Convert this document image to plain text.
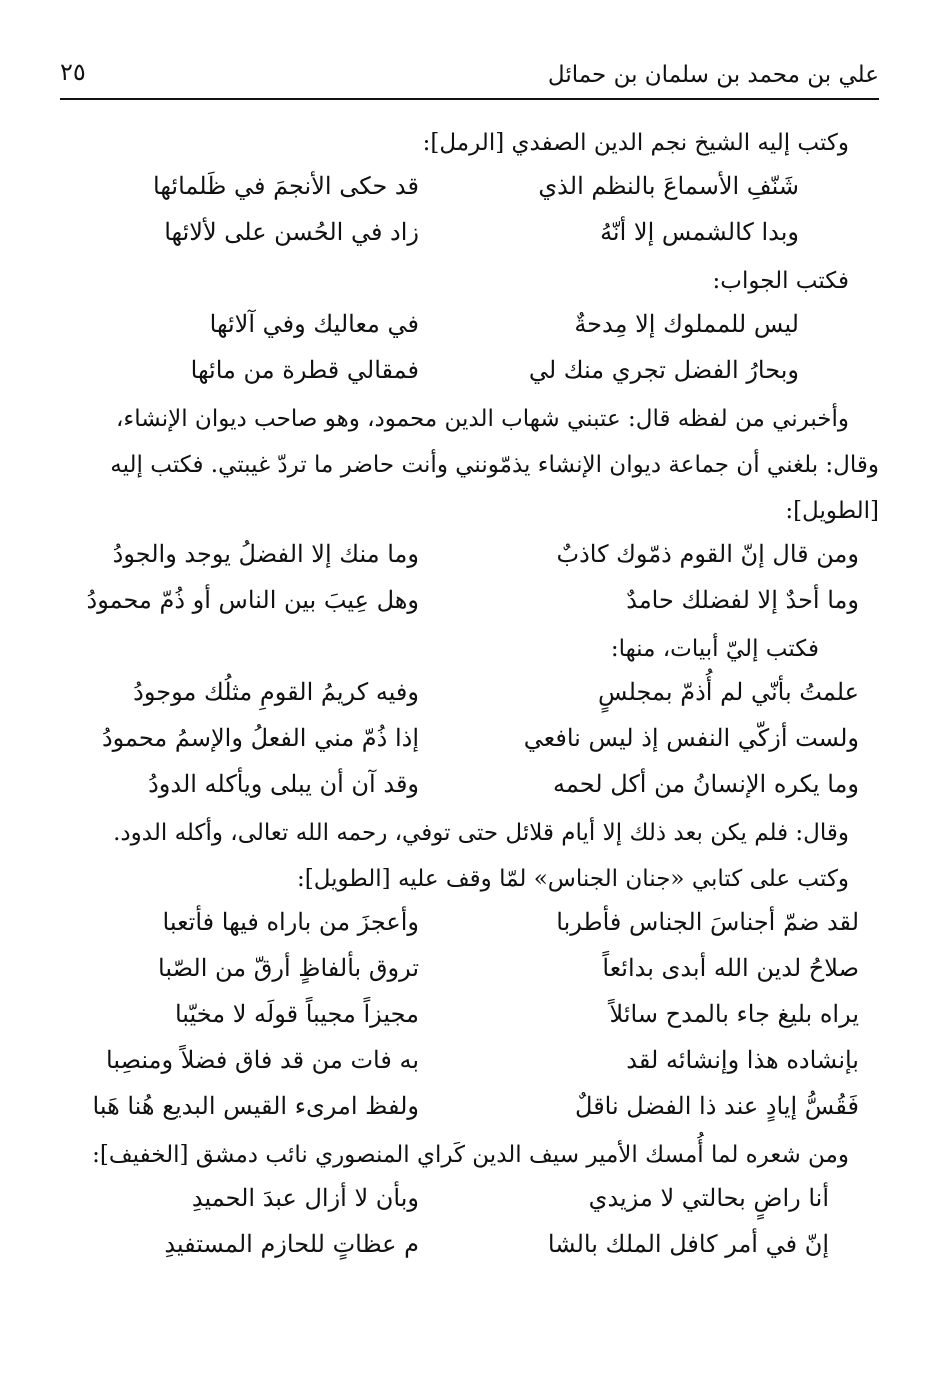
علي بن محمد بن سلمان بن حمائل
٢٥

وكتب إليه الشيخ نجم الدين الصفدي [الرمل]:

شَنّفِ الأسماعَ بالنظم الذي
قد حكى الأنجمَ في ظَلمائها
وبدا كالشمس إلا أنّهُ
زاد في الحُسن على لألائها

فكتب الجواب:

ليس للمملوك إلا مِدحةٌ
في معاليك وفي آلائها
وبحارُ الفضل تجري منك لي
فمقالي قطرة من مائها

وأخبرني من لفظه قال: عتبني شهاب الدين محمود، وهو صاحب ديوان الإنشاء،
وقال: بلغني أن جماعة ديوان الإنشاء يذمّونني وأنت حاضر ما تردّ غيبتي. فكتب إليه
[الطويل]:

ومن قال إنّ القوم ذمّوك كاذبٌ
وما منك إلا الفضلُ يوجد والجودُ
وما أحدٌ إلا لفضلك حامدٌ
وهل عِيبَ بين الناس أو ذُمّ محمودُ

فكتب إليّ أبيات، منها:

علمتُ بأنّي لم أُذمّ بمجلسٍ
وفيه كريمُ القومِ مثلُك موجودُ
ولست أزكّي النفس إذ ليس نافعي
إذا ذُمّ مني الفعلُ والإسمُ محمودُ
وما يكره الإنسانُ من أكل لحمه
وقد آن أن يبلى ويأكله الدودُ

وقال: فلم يكن بعد ذلك إلا أيام قلائل حتى توفي، رحمه الله تعالى، وأكله الدود.

وكتب على كتابي «جنان الجناس» لمّا وقف عليه [الطويل]:

لقد ضمّ أجناسَ الجناس فأطربا
وأعجزَ من باراه فيها فأتعبا
صلاحُ لدين الله أبدى بدائعاً
تروق بألفاظٍ أرقّ من الصّبا
يراه بليغ جاء بالمدح سائلاً
مجيزاً مجيباً قولَه لا مخيّبا
بإنشاده هذا وإنشائه لقد
به فات من قد فاق فضلاً ومنصِبا
فَقُسُّ إيادٍ عند ذا الفضل ناقلٌ
ولفظ امرىء القيس البديع هُنا هَبا

ومن شعره لما أُمسك الأمير سيف الدين كَراي المنصوري نائب دمشق [الخفيف]:

أنا راضٍ بحالتي لا مزيدي
وبأن لا أزال عبدَ الحميدِ
إنّ في أمر كافل الملك بالشا
م عظاتٍ للحازم المستفيدِ
